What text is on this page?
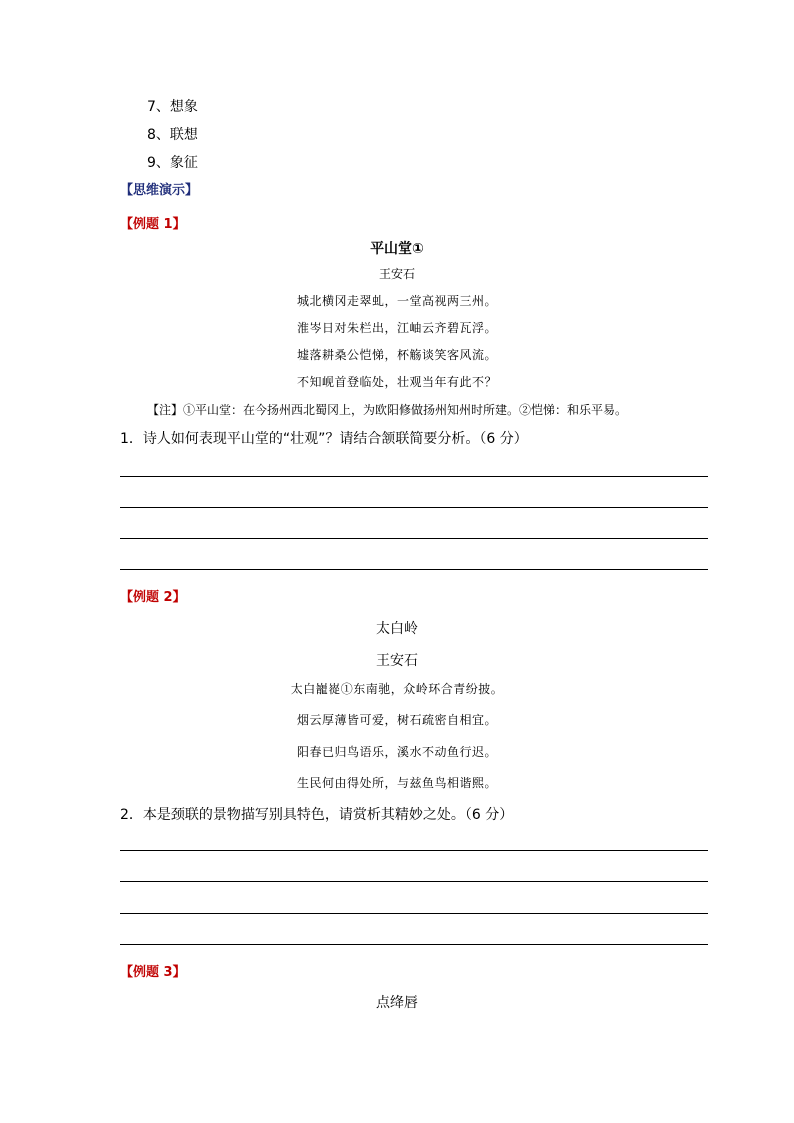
7、想象
8、联想
9、象征
【思维演示】
【例题 1】
平山堂①
王安石
城北横冈走翠虬，一堂高视两三州。
淮岑日对朱栏出，江岫云齐碧瓦浮。
墟落耕桑公恺悌，杯觞谈笑客风流。
不知岘首登临处，壮观当年有此不？
【注】①平山堂：在今扬州西北蜀冈上，为欧阳修做扬州知州时所建。②恺悌：和乐平易。
1．诗人如何表现平山堂的“壮观”？请结合颔联简要分析。（6 分）
【例题 2】
太白岭
王安石
太白巃嵸①东南驰，众岭环合青纷披。
烟云厚薄皆可爱，树石疏密自相宜。
阳春已归鸟语乐，溪水不动鱼行迟。
生民何由得处所，与兹鱼鸟相谐熙。
2．本是颈联的景物描写别具特色，请赏析其精妙之处。（6 分）
【例题 3】
点绛唇
